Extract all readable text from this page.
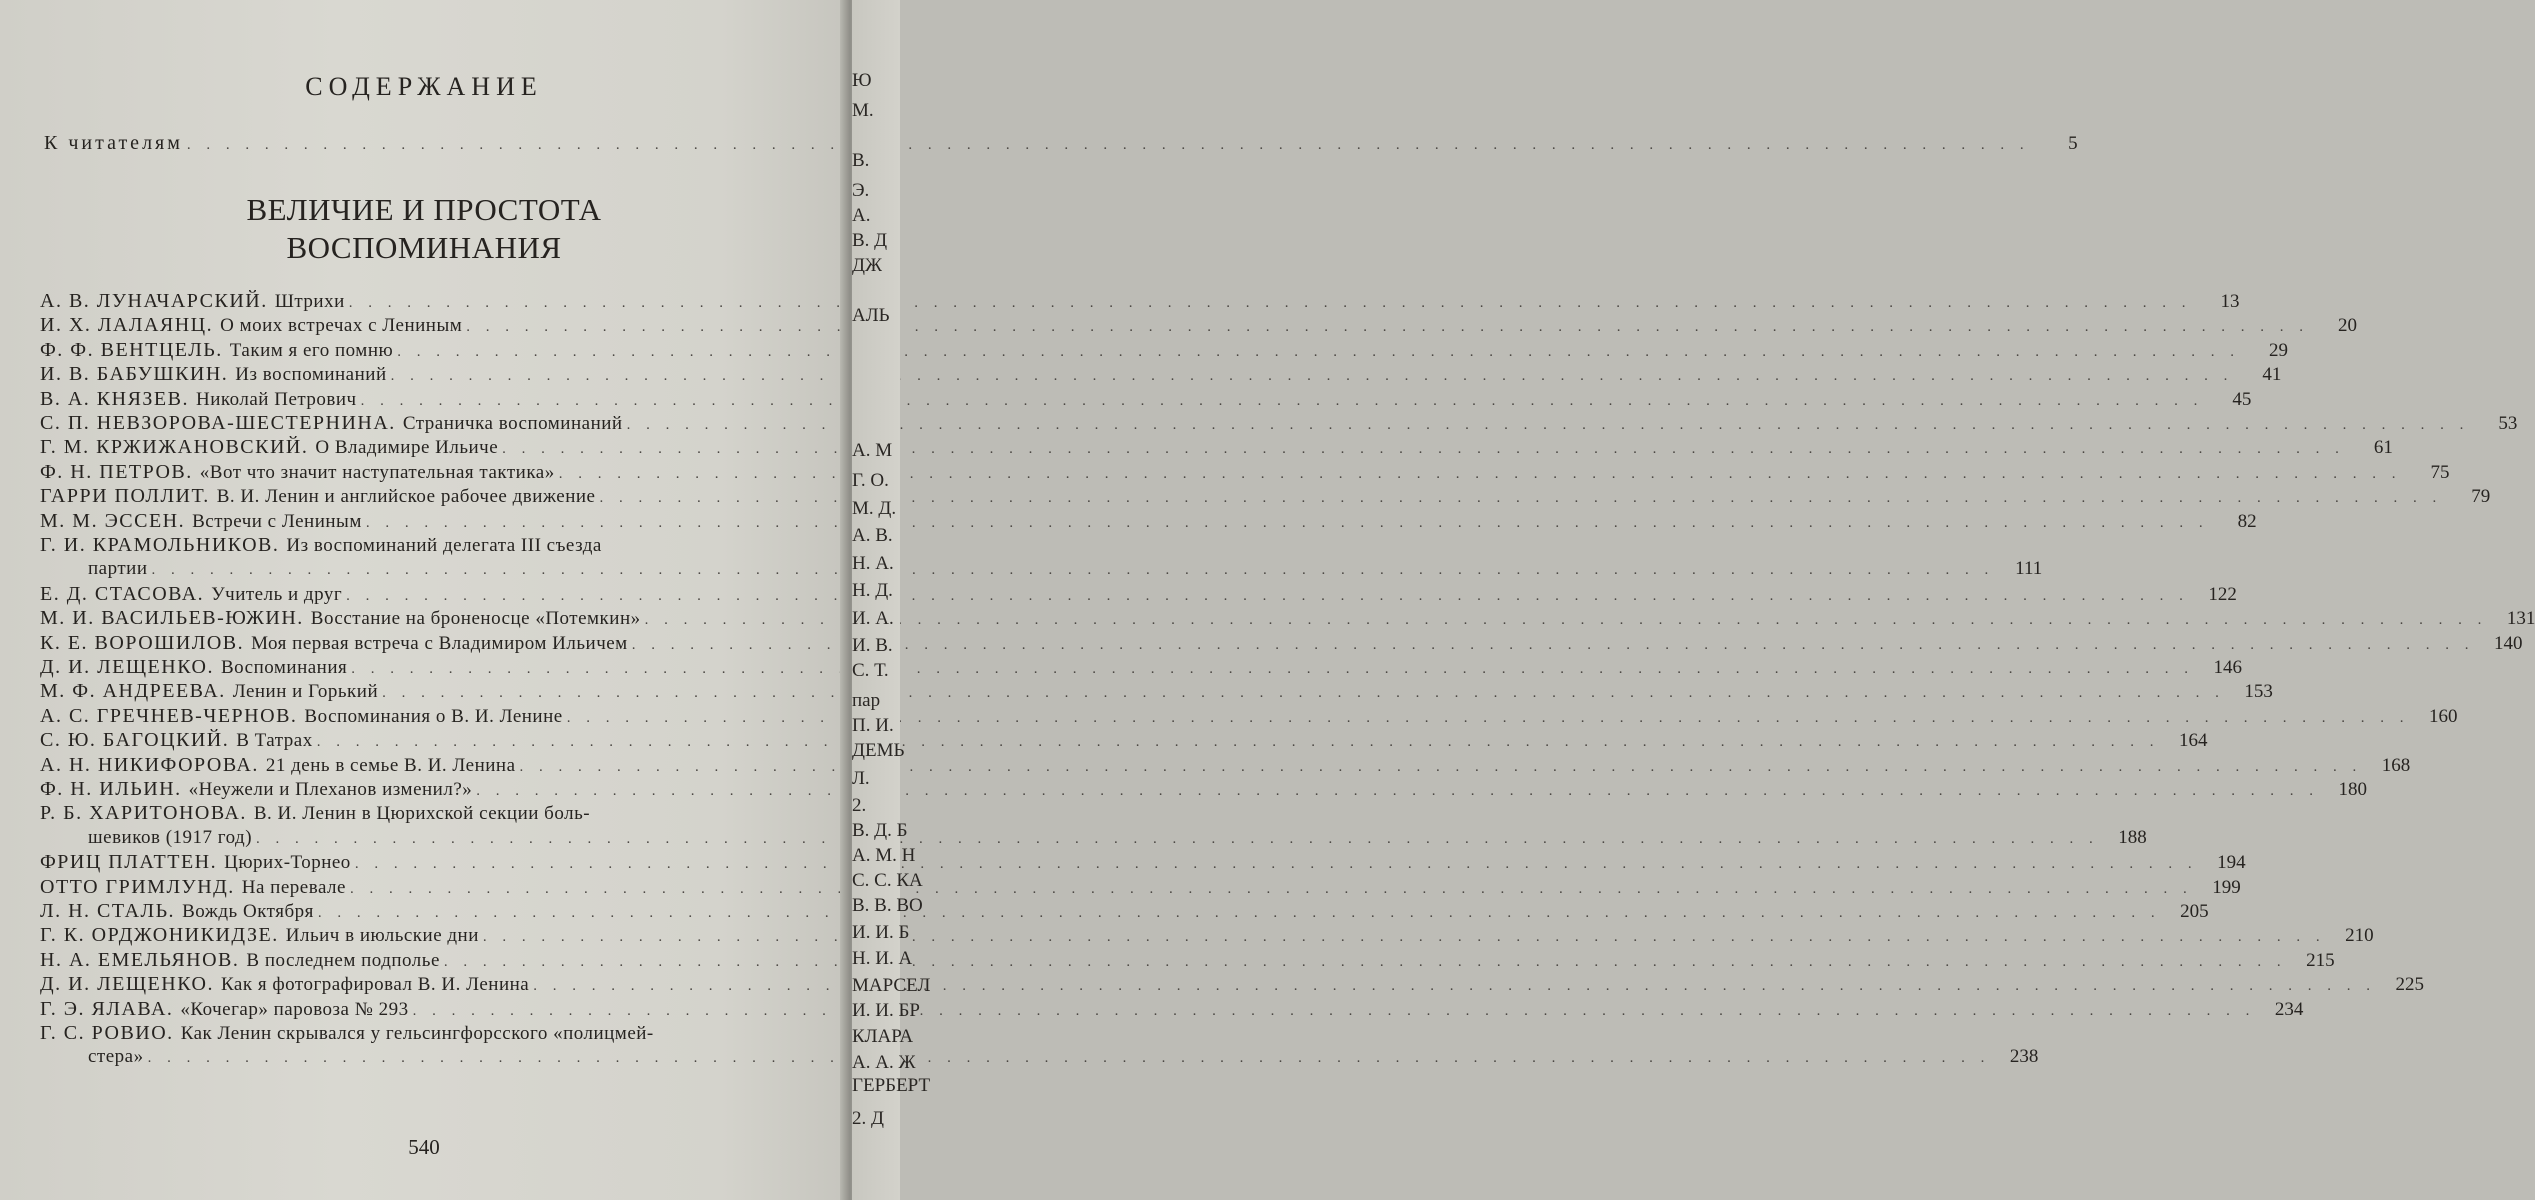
СОДЕРЖАНИЕ
К читателям . . .	5
ВЕЛИЧИЕ И ПРОСТОТА
ВОСПОМИНАНИЯ
А. В. ЛУНАЧАРСКИЙ. Штрихи . . .	13
И. Х. ЛАЛАЯНЦ. О моих встречах с Лениным . . .	20
Ф. Ф. ВЕНТЦЕЛЬ. Таким я его помню . . .	29
И. В. БАБУШКИН. Из воспоминаний . . .	41
В. А. КНЯЗЕВ. Николай Петрович . . .	45
С. П. НЕВЗОРОВА-ШЕСТЕРНИНА. Страничка воспоминаний . . .	53
Г. М. КРЖИЖАНОВСКИЙ. О Владимире Ильиче . . .	61
Ф. Н. ПЕТРОВ. «Вот что значит наступательная тактика» . . .	75
ГАРРИ ПОЛЛИТ. В. И. Ленин и английское рабочее движение . . .	79
М. М. ЭССЕН. Встречи с Лениным . . .	82
Г. И. КРАМОЛЬНИКОВ. Из воспоминаний делегата III съезда
партии . . .	111
Е. Д. СТАСОВА. Учитель и друг . . .	122
М. И. ВАСИЛЬЕВ-ЮЖИН. Восстание на броненосце «Потемкин» . . .	131
К. Е. ВОРОШИЛОВ. Моя первая встреча с Владимиром Ильичем . . .	140
Д. И. ЛЕЩЕНКО. Воспоминания . . .	146
М. Ф. АНДРЕЕВА. Ленин и Горький . . .	153
А. С. ГРЕЧНЕВ-ЧЕРНОВ. Воспоминания о В. И. Ленине . . .	160
С. Ю. БАГОЦКИЙ. В Татрах . . .	164
А. Н. НИКИФОРОВА. 21 день в семье В. И. Ленина . . .	168
Ф. Н. ИЛЬИН. «Неужели и Плеханов изменил?» . . .	180
Р. Б. ХАРИТОНОВА. В. И. Ленин в Цюрихской секции боль-
шевиков (1917 год) . . .	188
ФРИЦ ПЛАТТЕН. Цюрих-Торнео . . .	194
ОТТО ГРИМЛУНД. На перевале . . .	199
Л. Н. СТАЛЬ. Вождь Октября . . .	205
Г. К. ОРДЖОНИКИДЗЕ. Ильич в июльские дни . . .	210
Н. А. ЕМЕЛЬЯНОВ. В последнем подполье . . .	215
Д. И. ЛЕЩЕНКО. Как я фотографировал В. И. Ленина . . .	225
Г. Э. ЯЛАВА. «Кочегар» паровоза № 293 . . .	234
Г. С. РОВИО. Как Ленин скрывался у гельсингфорсского «полицмей-
стера» . . .	238
540
Ю
М.
В.
Э.
А.
В. Д
ДЖ
АЛЬ
А. М
Г. О.
М. Д.
А. В.
Н. А.
Н. Д.
И. А.
И. В.
С. Т.
пар
П. И.
ДЕМЬ
Л.
2.
В. Д. Б
А. М. Н
С. С. КА
В. В. ВО
И. И. Б
Н. И. А
МАРСЕЛ
И. И. БР
КЛАРА
А. А. Ж
ГЕРБЕРТ
2. Д
